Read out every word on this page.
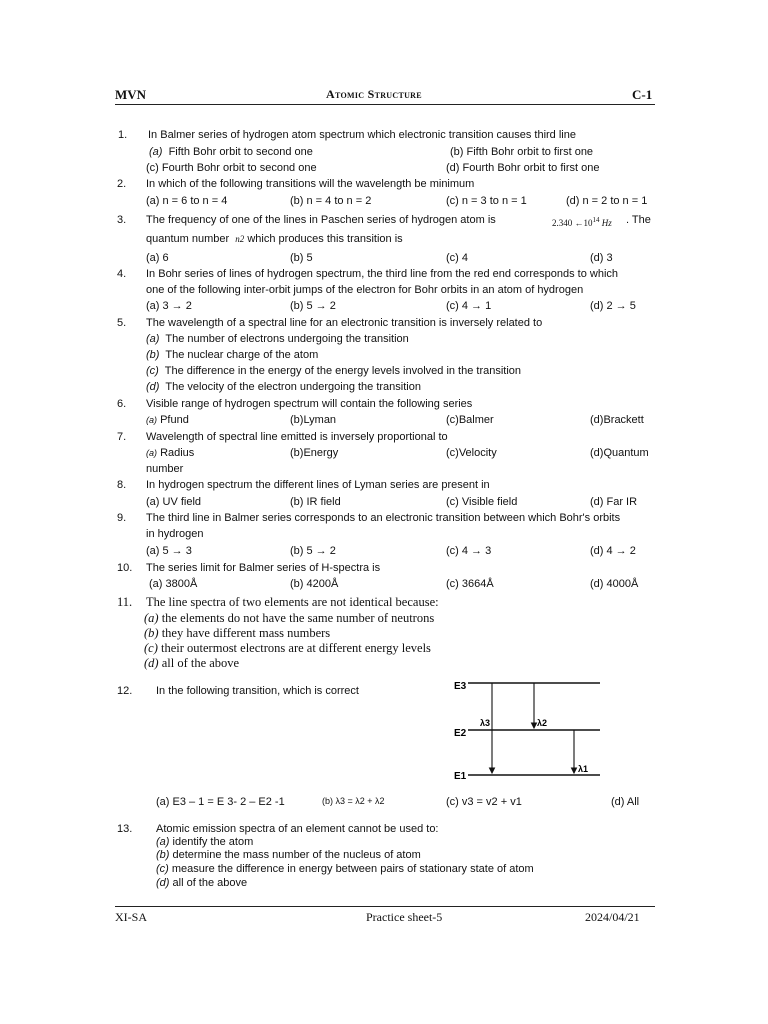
MVN	Atomic Structure	C-1
1. In Balmer series of hydrogen atom spectrum which electronic transition causes third line
(a) Fifth Bohr orbit to second one	(b) Fifth Bohr orbit to first one
(c) Fourth Bohr orbit to second one	(d) Fourth Bohr orbit to first one
2. In which of the following transitions will the wavelength be minimum
(a) n = 6 to n = 4	(b) n = 4 to n = 2	(c) n = 3 to n = 1	(d) n = 2 to n = 1
3. The frequency of one of the lines in Paschen series of hydrogen atom is	2.340 $\leftarrow 10^{14}$ Hz . The
quantum number n2 which produces this transition is
(a) 6	(b) 5	(c) 4	(d) 3
4. In Bohr series of lines of hydrogen spectrum, the third line from the red end corresponds to which
one of the following inter-orbit jumps of the electron for Bohr orbits in an atom of hydrogen
(a) 3 → 2	(b) 5 → 2	(c) 4 → 1	(d) 2 → 5
5. The wavelength of a spectral line for an electronic transition is inversely related to
(a) The number of electrons undergoing the transition
(b) The nuclear charge of the atom
(c) The difference in the energy of the energy levels involved in the transition
(d) The velocity of the electron undergoing the transition
6. Visible range of hydrogen spectrum will contain the following series
(a) Pfund	(b)Lyman	(c)Balmer	(d)Brackett
7. Wavelength of spectral line emitted is inversely proportional to
(a) Radius	(b)Energy	(c)Velocity	(d)Quantum
number
8. In hydrogen spectrum the different lines of Lyman series are present in
(a) UV field	(b) IR field	(c) Visible field	(d) Far IR
9. The third line in Balmer series corresponds to an electronic transition between which Bohr's orbits
in hydrogen
(a) 5 → 3	(b) 5 → 2	(c) 4 → 3	(d) 4 → 2
10. The series limit for Balmer series of H-spectra is
(a) 3800Å	(b) 4200Å	(c) 3664Å	(d) 4000Å
11. The line spectra of two elements are not identical because:
(a) the elements do not have the same number of neutrons
(b) they have different mass numbers
(c) their outermost electrons are at different energy levels
(d) all of the above
12. In the following transition, which is correct	E3
E2
E1
λ3	λ2
λ1
(a) E3 – 1 = E 3- 2 – E2 -1	(b) λ3 = λ2 + λ2	(c) v3 = v2 + v1	(d) All
13. Atomic emission spectra of an element cannot be used to:
(a) identify the atom
(b) determine the mass number of the nucleus of atom
(c) measure the difference in energy between pairs of stationary state of atom
(d) all of the above
XI-SA	Practice sheet-5	2024/04/21
